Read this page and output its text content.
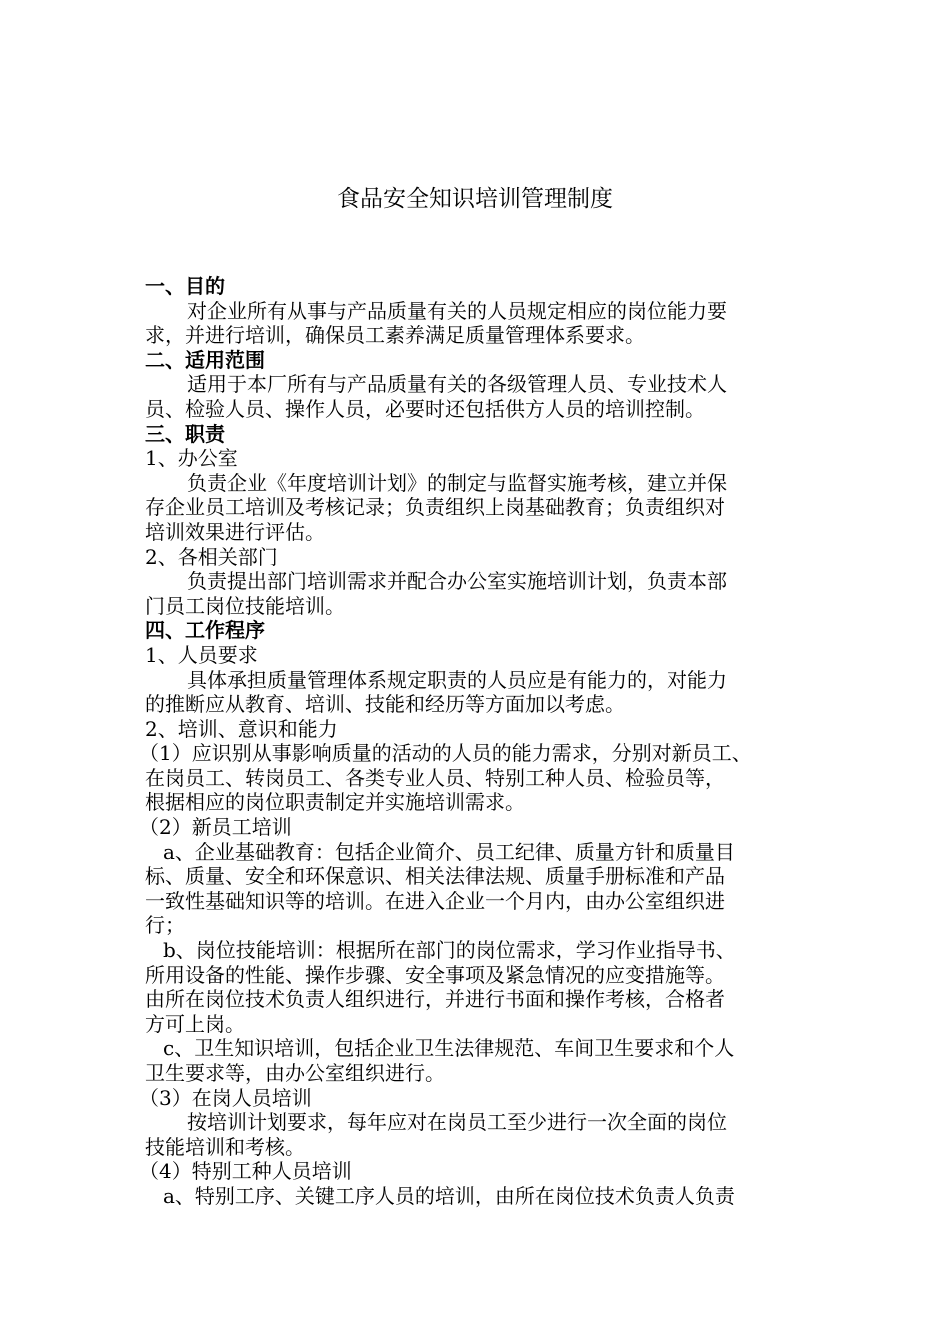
食品安全知识培训管理制度
一、目的
对企业所有从事与产品质量有关的人员规定相应的岗位能力要
求，并进行培训，确保员工素养满足质量管理体系要求。
二、适用范围
适用于本厂所有与产品质量有关的各级管理人员、专业技术人
员、检验人员、操作人员，必要时还包括供方人员的培训控制。
三、职责
1、办公室
负责企业《年度培训计划》的制定与监督实施考核，建立并保
存企业员工培训及考核记录；负责组织上岗基础教育；负责组织对
培训效果进行评估。
2、各相关部门
负责提出部门培训需求并配合办公室实施培训计划，负责本部
门员工岗位技能培训。
四、工作程序
1、人员要求
具体承担质量管理体系规定职责的人员应是有能力的，对能力
的推断应从教育、培训、技能和经历等方面加以考虑。
2、培训、意识和能力
（1）应识别从事影响质量的活动的人员的能力需求，分别对新员工、
在岗员工、转岗员工、各类专业人员、特别工种人员、检验员等，
根据相应的岗位职责制定并实施培训需求。
（2）新员工培训
a、企业基础教育：包括企业简介、员工纪律、质量方针和质量目
标、质量、安全和环保意识、相关法律法规、质量手册标准和产品
一致性基础知识等的培训。在进入企业一个月内，由办公室组织进
行；
b、岗位技能培训：根据所在部门的岗位需求，学习作业指导书、
所用设备的性能、操作步骤、安全事项及紧急情况的应变措施等。
由所在岗位技术负责人组织进行，并进行书面和操作考核，合格者
方可上岗。
c、卫生知识培训，包括企业卫生法律规范、车间卫生要求和个人
卫生要求等，由办公室组织进行。
（3）在岗人员培训
按培训计划要求，每年应对在岗员工至少进行一次全面的岗位
技能培训和考核。
（4）特别工种人员培训
a、特别工序、关键工序人员的培训，由所在岗位技术负责人负责
